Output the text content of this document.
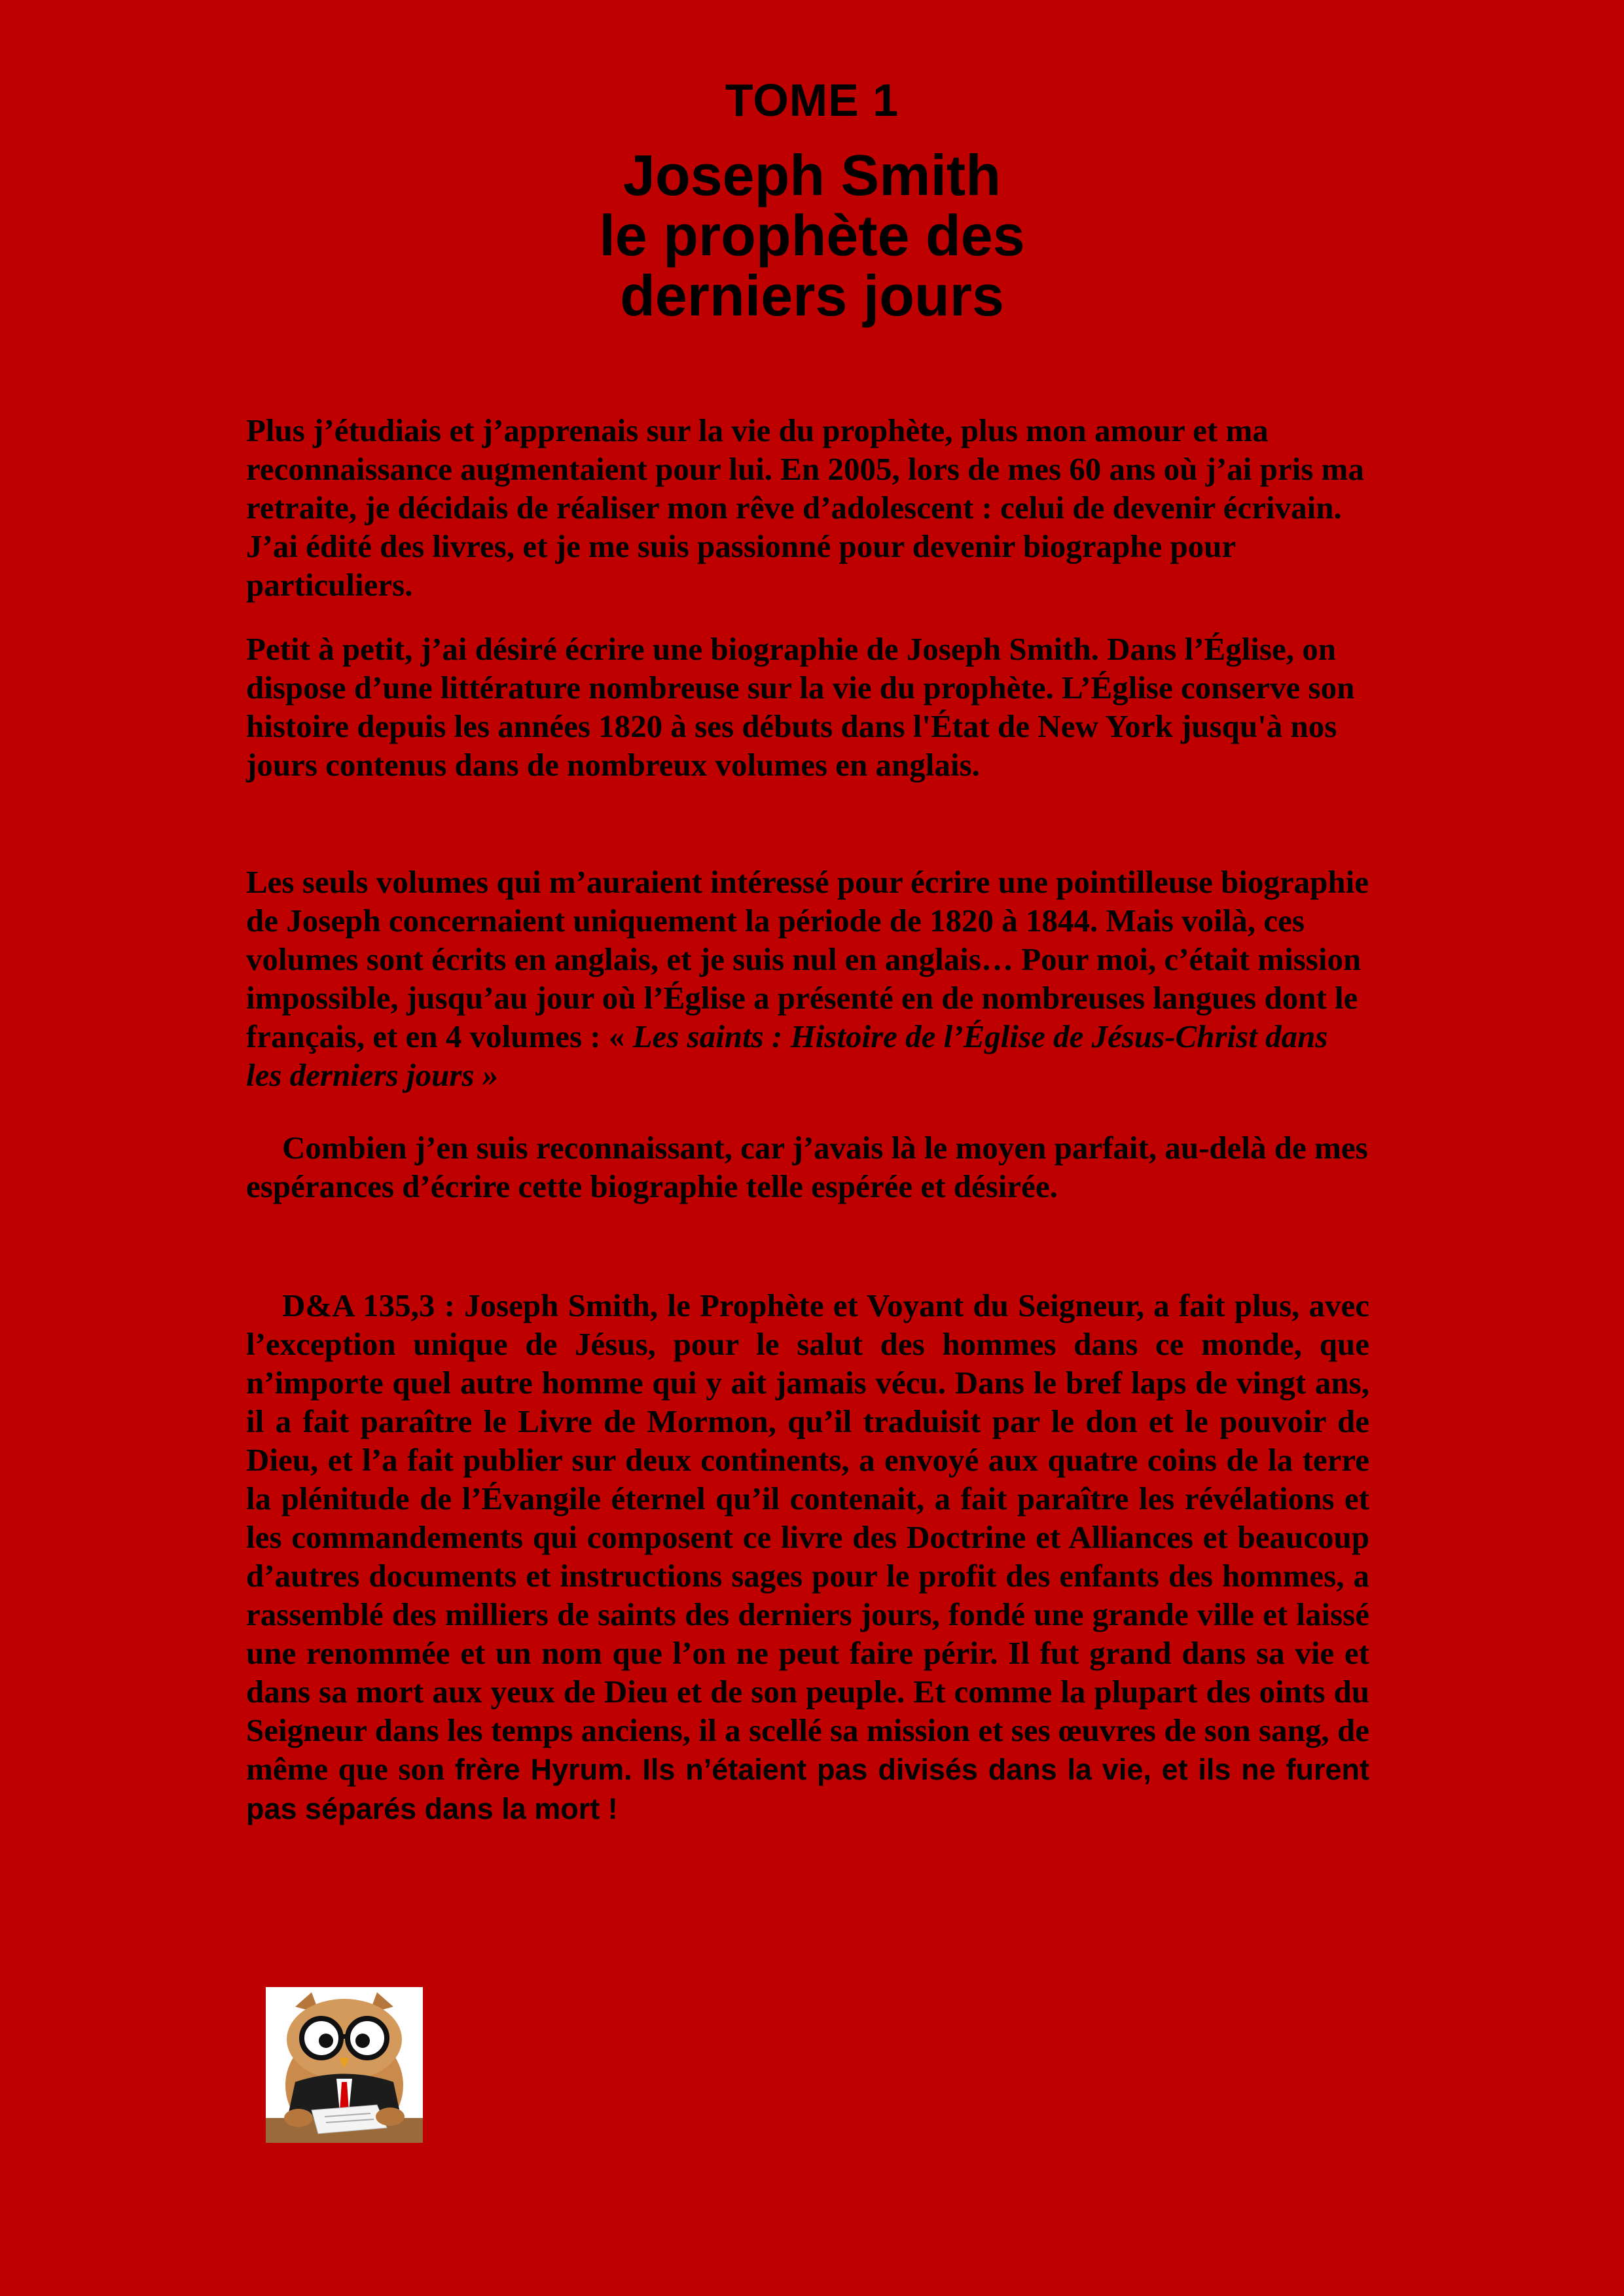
TOME 1
Joseph Smith
le prophète des
derniers jours

Plus j’étudiais et j’apprenais sur la vie du prophète, plus mon amour et ma reconnaissance augmentaient pour lui. En 2005, lors de mes 60 ans où j’ai pris ma retraite, je décidais de réaliser mon rêve d’adolescent : celui de devenir écrivain. J’ai édité des livres, et je me suis passionné pour devenir biographe pour particuliers.

Petit à petit, j’ai désiré écrire une biographie de Joseph Smith. Dans l’Église, on dispose d’une littérature nombreuse sur la vie du prophète. L’Église conserve son histoire depuis les années 1820 à ses débuts dans l'État de New York jusqu'à nos jours contenus dans de nombreux volumes en anglais.

Les seuls volumes qui m’auraient intéressé pour écrire une pointilleuse biographie de Joseph concernaient uniquement la période de 1820 à 1844. Mais voilà, ces volumes sont écrits en anglais, et je suis nul en anglais… Pour moi, c’était mission impossible, jusqu’au jour où l’Église a présenté en de nombreuses langues dont le français, et en 4 volumes : « Les saints : Histoire de l’Église de Jésus-Christ dans les derniers jours »

Combien j’en suis reconnaissant, car j’avais là le moyen parfait, au-delà de mes espérances d’écrire cette biographie telle espérée et désirée.

D&A 135,3 : Joseph Smith, le Prophète et Voyant du Seigneur, a fait plus, avec l’exception unique de Jésus, pour le salut des hommes dans ce monde, que n’importe quel autre homme qui y ait jamais vécu. Dans le bref laps de vingt ans, il a fait paraître le Livre de Mormon, qu’il traduisit par le don et le pouvoir de Dieu, et l’a fait publier sur deux continents, a envoyé aux quatre coins de la terre la plénitude de l’Évangile éternel qu’il contenait, a fait paraître les révélations et les commandements qui composent ce livre des Doctrine et Alliances et beaucoup d’autres documents et instructions sages pour le profit des enfants des hommes, a rassemblé des milliers de saints des derniers jours, fondé une grande ville et laissé une renommée et un nom que l’on ne peut faire périr. Il fut grand dans sa vie et dans sa mort aux yeux de Dieu et de son peuple. Et comme la plupart des oints du Seigneur dans les temps anciens, il a scellé sa mission et ses œuvres de son sang, de même que son frère Hyrum. Ils n’étaient pas divisés dans la vie, et ils ne furent pas séparés dans la mort !
